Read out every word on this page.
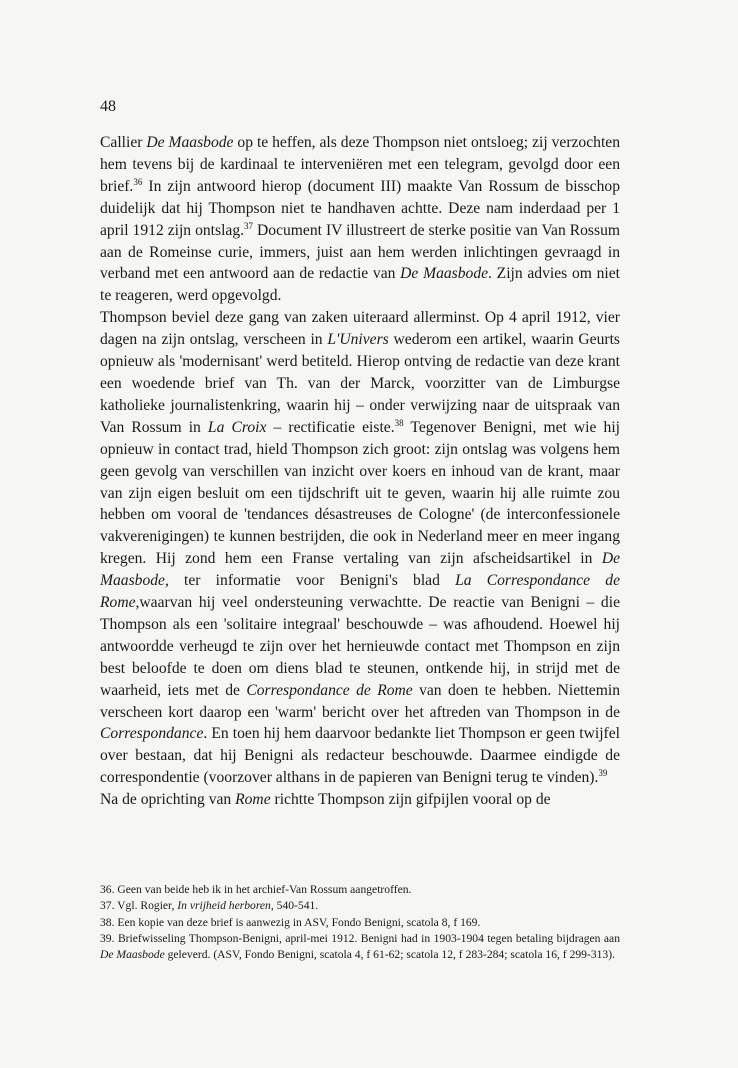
48

Callier De Maasbode op te heffen, als deze Thompson niet ontsloeg; zij verzochten hem tevens bij de kardinaal te interveniëren met een telegram, gevolgd door een brief.$^{36}$ In zijn antwoord hierop (document III) maakte Van Rossum de bisschop duidelijk dat hij Thompson niet te handhaven achtte. Deze nam inderdaad per 1 april 1912 zijn ontslag.$^{37}$ Document IV illustreert de sterke positie van Van Rossum aan de Romeinse curie, immers, juist aan hem werden inlichtingen gevraagd in verband met een antwoord aan de redactie van De Maasbode. Zijn advies om niet te reageren, werd opgevolgd.

Thompson beviel deze gang van zaken uiteraard allerminst. Op 4 april 1912, vier dagen na zijn ontslag, verscheen in L'Univers wederom een artikel, waarin Geurts opnieuw als 'modernisant' werd betiteld. Hierop ontving de redactie van deze krant een woedende brief van Th. van der Marck, voorzitter van de Limburgse katholieke journalistenkring, waarin hij – onder verwijzing naar de uitspraak van Van Rossum in La Croix – rectificatie eiste.$^{38}$ Tegenover Benigni, met wie hij opnieuw in contact trad, hield Thompson zich groot: zijn ontslag was volgens hem geen gevolg van verschillen van inzicht over koers en inhoud van de krant, maar van zijn eigen besluit om een tijdschrift uit te geven, waarin hij alle ruimte zou hebben om vooral de 'tendances désastreuses de Cologne' (de interconfessionele vakverenigingen) te kunnen bestrijden, die ook in Nederland meer en meer ingang kregen. Hij zond hem een Franse vertaling van zijn afscheidsartikel in De Maasbode, ter informatie voor Benigni's blad La Correspondance de Rome,waarvan hij veel ondersteuning verwachtte. De reactie van Benigni – die Thompson als een 'solitaire integraal' beschouwde – was afhoudend. Hoewel hij antwoordde verheugd te zijn over het hernieuwde contact met Thompson en zijn best beloofde te doen om diens blad te steunen, ontkende hij, in strijd met de waarheid, iets met de Correspondance de Rome van doen te hebben. Niettemin verscheen kort daarop een 'warm' bericht over het aftreden van Thompson in de Correspondance. En toen hij hem daarvoor bedankte liet Thompson er geen twijfel over bestaan, dat hij Benigni als redacteur beschouwde. Daarmee eindigde de correspondentie (voorzover althans in de papieren van Benigni terug te vinden).$^{39}$

Na de oprichting van Rome richtte Thompson zijn gifpijlen vooral op de

36. Geen van beide heb ik in het archief-Van Rossum aangetroffen.

37. Vgl. Rogier, In vrijheid herboren, 540-541.

38. Een kopie van deze brief is aanwezig in ASV, Fondo Benigni, scatola 8, f 169.

39. Briefwisseling Thompson-Benigni, april-mei 1912. Benigni had in 1903-1904 tegen betaling bijdragen aan De Maasbode geleverd. (ASV, Fondo Benigni, scatola 4, f 61-62; scatola 12, f 283-284; scatola 16, f 299-313).
